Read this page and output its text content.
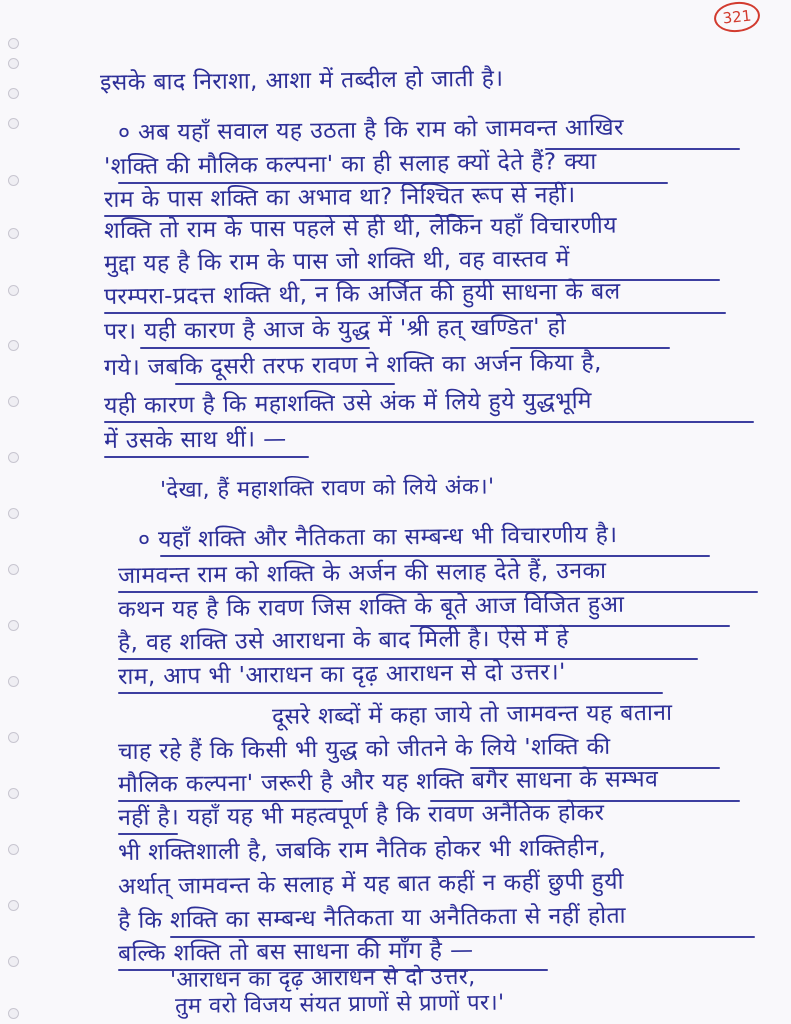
321
इसके बाद निराशा, आशा में तब्दील हो जाती है।
० अब यहाँ सवाल यह उठता है कि राम को जामवन्त आखिर
'शक्ति की मौलिक कल्पना' का ही सलाह क्यों देते हैं? क्या
राम के पास शक्ति का अभाव था? निश्चित रूप से नहीं।
शक्ति तो राम के पास पहले से ही थी, लेकिन यहाँ विचारणीय
मुद्दा यह है कि राम के पास जो शक्ति थी, वह वास्तव में
परम्परा-प्रदत्त शक्ति थी, न कि अर्जित की हुयी साधना के बल
पर। यही कारण है आज के युद्ध में 'श्री हत् खण्डित' हो
गये। जबकि दूसरी तरफ रावण ने शक्ति का अर्जन किया है,
यही कारण है कि महाशक्ति उसे अंक में लिये हुये युद्धभूमि
में उसके साथ थीं। —
'देखा, हैं महाशक्ति रावण को लिये अंक।'
० यहाँ शक्ति और नैतिकता का सम्बन्ध भी विचारणीय है।
जामवन्त राम को शक्ति के अर्जन की सलाह देते हैं, उनका
कथन यह है कि रावण जिस शक्ति के बूते आज विजित हुआ
है, वह शक्ति उसे आराधना के बाद मिली है। ऐसे में हे
राम, आप भी 'आराधन का दृढ़ आराधन से दो उत्तर।'
दूसरे शब्दों में कहा जाये तो जामवन्त यह बताना
चाह रहे हैं कि किसी भी युद्ध को जीतने के लिये 'शक्ति की
मौलिक कल्पना' जरूरी है और यह शक्ति बगैर साधना के सम्भव
नहीं है। यहाँ यह भी महत्वपूर्ण है कि रावण अनैतिक होकर
भी शक्तिशाली है, जबकि राम नैतिक होकर भी शक्तिहीन,
अर्थात् जामवन्त के सलाह में यह बात कहीं न कहीं छुपी हुयी
है कि शक्ति का सम्बन्ध नैतिकता या अनैतिकता से नहीं होता
बल्कि शक्ति तो बस साधना की माँग है —
'आराधन का दृढ़ आराधन से दो उत्तर,
तुम वरो विजय संयत प्राणों से प्राणों पर।'
